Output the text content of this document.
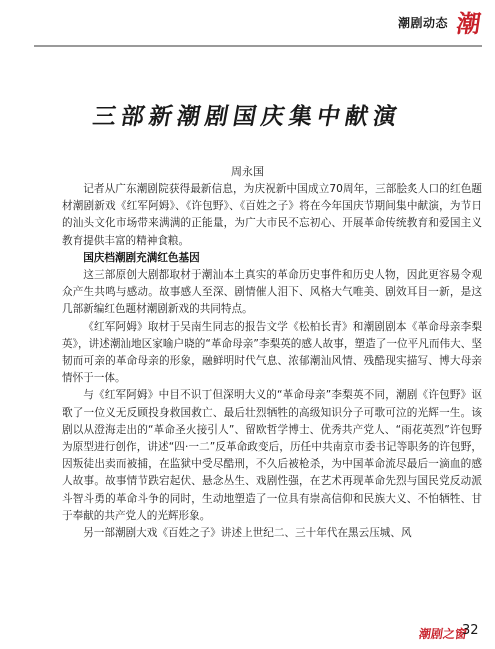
潮剧动态 潮
三部新潮剧国庆集中献演
周永国

记者从广东潮剧院获得最新信息，为庆祝新中国成立70周年，三部脍炙人口的红色题材潮剧新戏《红军阿姆》、《许包野》、《百姓之子》将在今年国庆节期间集中献演，为节日的汕头文化市场带来满满的正能量，为广大市民不忘初心、开展革命传统教育和爱国主义教育提供丰富的精神食粮。

国庆档潮剧充满红色基因

这三部原创大剧都取材于潮汕本土真实的革命历史事件和历史人物，因此更容易令观众产生共鸣与感动。故事感人至深、剧情催人泪下、风格大气唯美、剧效耳目一新，是这几部新编红色题材潮剧新戏的共同特点。

《红军阿姆》取材于吴南生同志的报告文学《松柏长青》和潮剧剧本《革命母亲李梨英》，讲述潮汕地区家喻户晓的“革命母亲”李梨英的感人故事，塑造了一位平凡而伟大、坚韧而可亲的革命母亲的形象，融鲜明时代气息、浓郁潮汕风情、残酷现实描写、博大母亲情怀于一体。

与《红军阿姆》中目不识丁但深明大义的“革命母亲”李梨英不同，潮剧《许包野》讴歌了一位义无反顾投身救国救亡、最后壮烈牺牲的高级知识分子可歌可泣的光辉一生。该剧以从澄海走出的“革命圣火接引人”、留欧哲学博士、优秀共产党人、“雨花英烈”许包野为原型进行创作，讲述“四·一二”反革命政变后，历任中共南京市委书记等职务的许包野，因叛徒出卖而被捕，在监狱中受尽酷刑，不久后被枪杀，为中国革命流尽最后一滴血的感人故事。故事情节跌宕起伏、悬念丛生、戏剧性强，在艺术再现革命先烈与国民党反动派斗智斗勇的革命斗争的同时，生动地塑造了一位具有崇高信仰和民族大义、不怕牺牲、甘于奉献的共产党人的光辉形象。

另一部潮剧大戏《百姓之子》讲述上世纪二、三十年代在黑云压城、风

潮剧之窗
32
